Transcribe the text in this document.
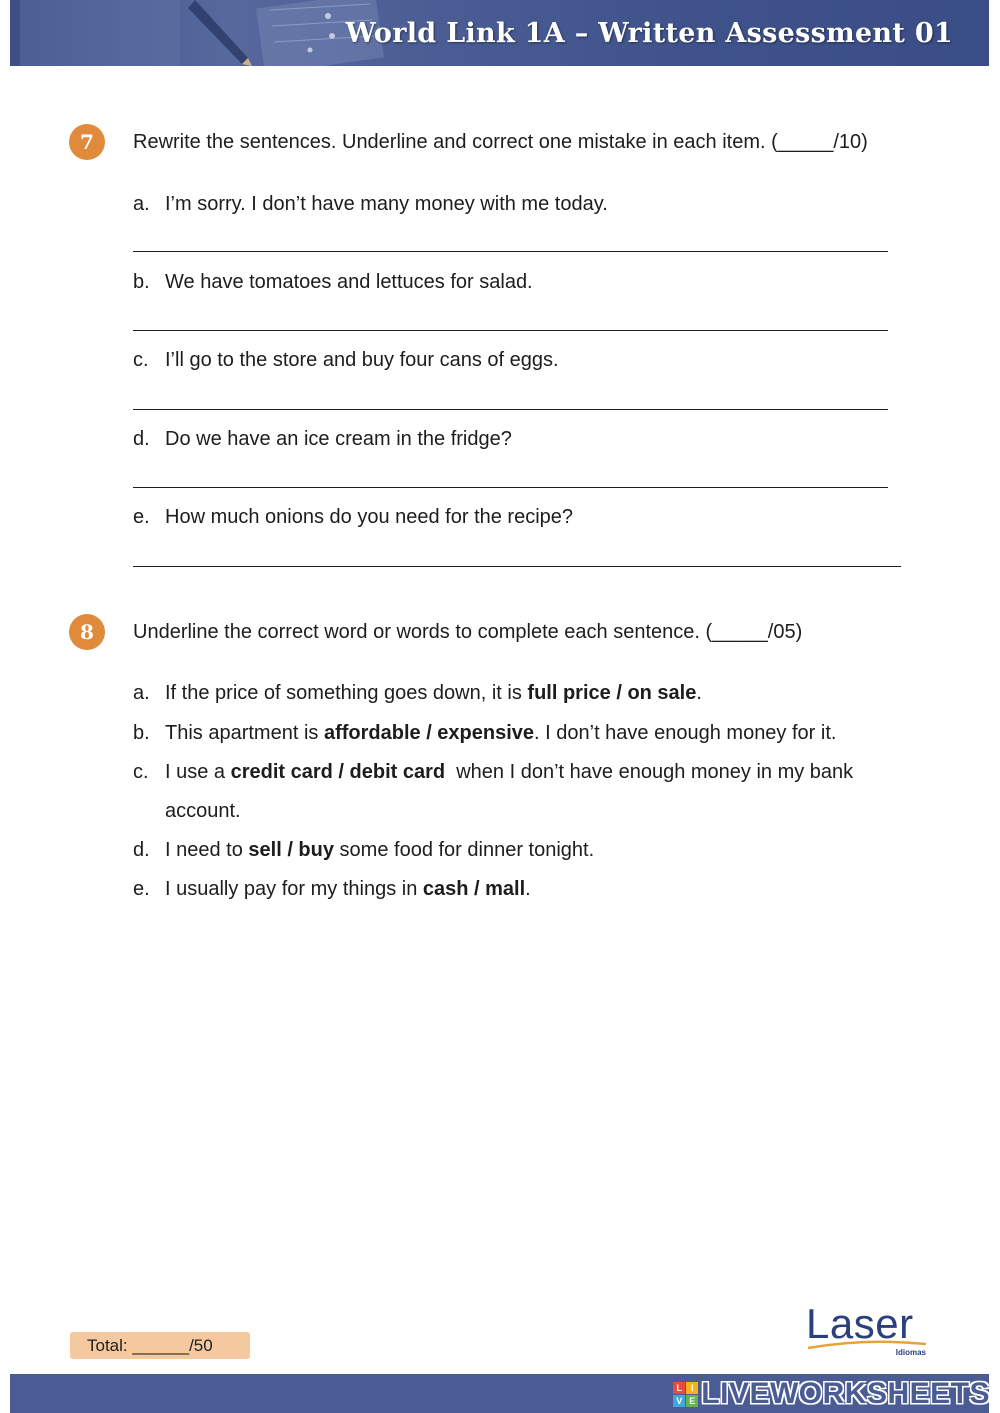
World Link 1A – Written Assessment 01
7	Rewrite the sentences. Underline and correct one mistake in each item. (_____/10)
a. I’m sorry. I don’t have many money with me today.
b. We have tomatoes and lettuces for salad.
c. I’ll go to the store and buy four cans of eggs.
d. Do we have an ice cream in the fridge?
e. How much onions do you need for the recipe?
8	Underline the correct word or words to complete each sentence. (_____/05)
a. If the price of something goes down, it is full price / on sale.
b. This apartment is affordable / expensive. I don’t have enough money for it.
c. I use a credit card / debit card  when I don’t have enough money in my bank
account.
d. I need to sell / buy some food for dinner tonight.
e. I usually pay for my things in cash / mall.
Total: ______/50	Laser
Idiomas
L I
V E LIVEWORKSHEETS
